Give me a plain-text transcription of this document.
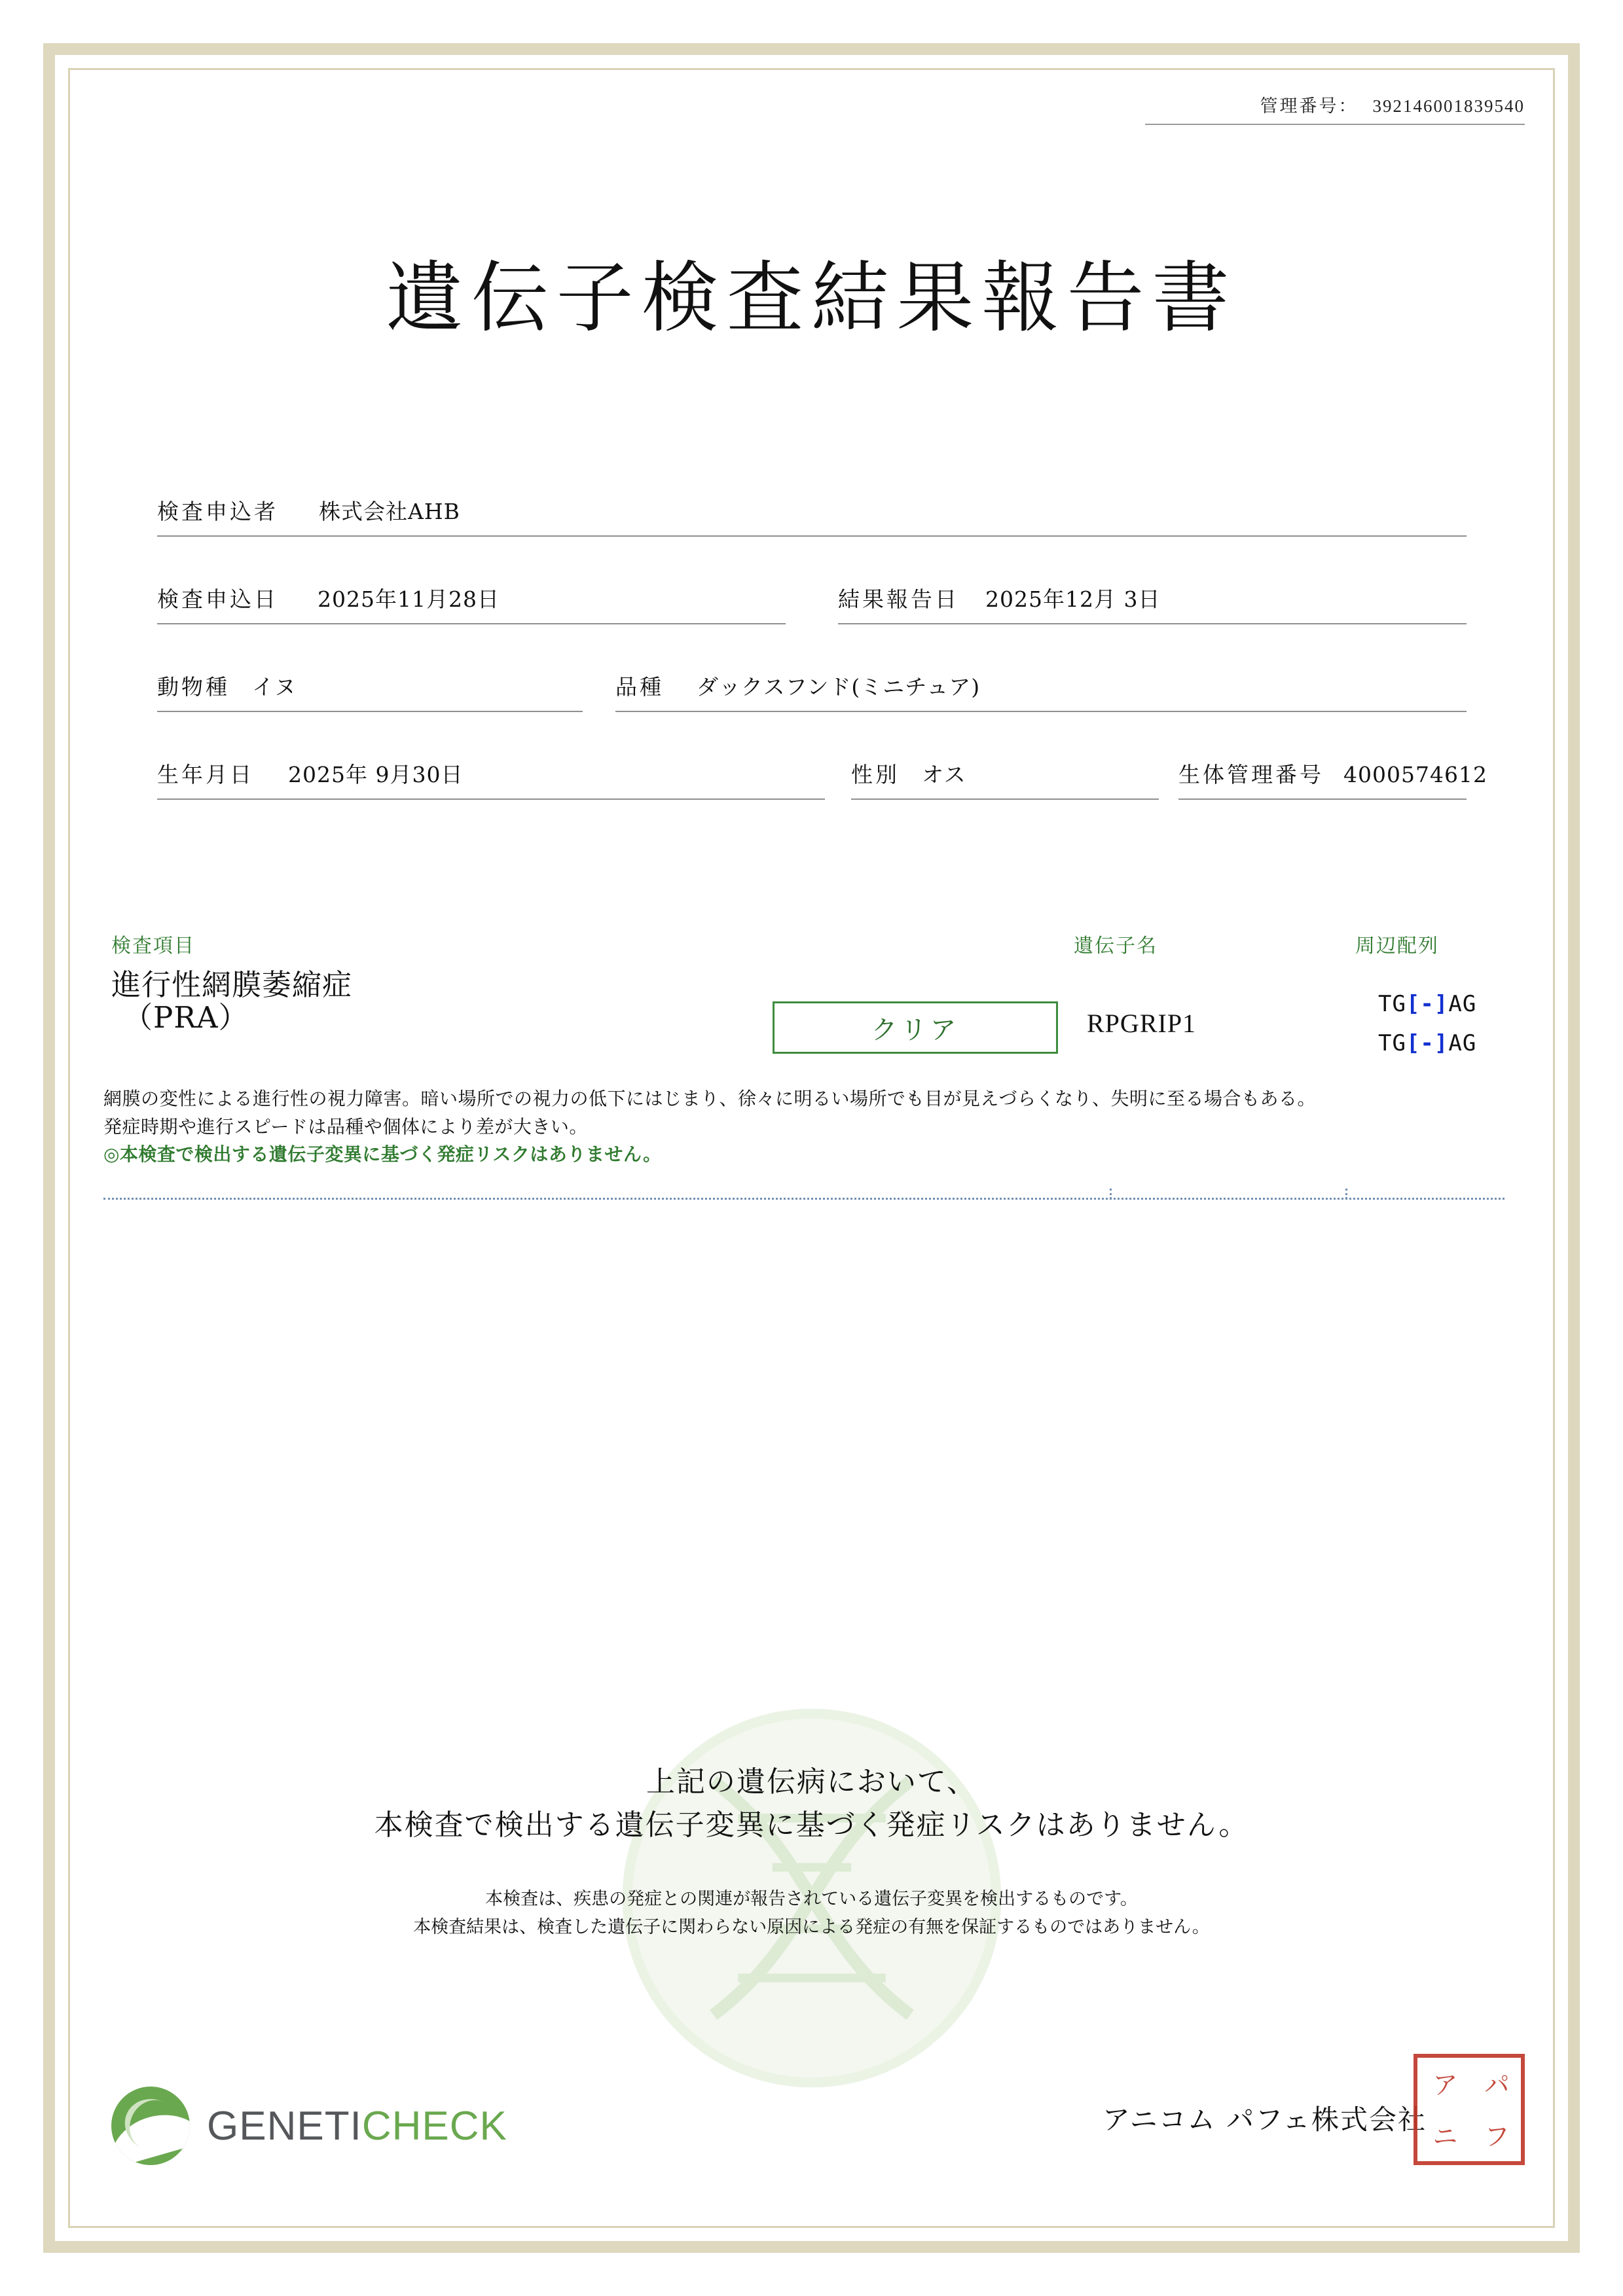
管理番号： 392146001839540
遺伝子検査結果報告書
検査申込者 株式会社AHB
検査申込日 2025年11月28日	結果報告日 2025年12月 3日
動物種 イヌ	品種 ダックスフンド(ミニチュア)
生年月日 2025年 9月30日	性別 オス	生体管理番号 4000574612
検査項目	遺伝子名	周辺配列
進行性網膜萎縮症
（PRA）	クリア	RPGRIP1
TG[-]AG
TG[-]AG
網膜の変性による進行性の視力障害。暗い場所での視力の低下にはじまり、徐々に明るい場所でも目が見えづらくなり、失明に至る場合もある。
発症時期や進行スピードは品種や個体により差が大きい。
◎本検査で検出する遺伝子変異に基づく発症リスクはありません。
上記の遺伝病において、
本検査で検出する遺伝子変異に基づく発症リスクはありません。
本検査は、疾患の発症との関連が報告されている遺伝子変異を検出するものです。
本検査結果は、検査した遺伝子に関わらない原因による発症の有無を保証するものではありません。
GENETICHECK	アニコム パフェ株式会社
ア パ
ニ フ
